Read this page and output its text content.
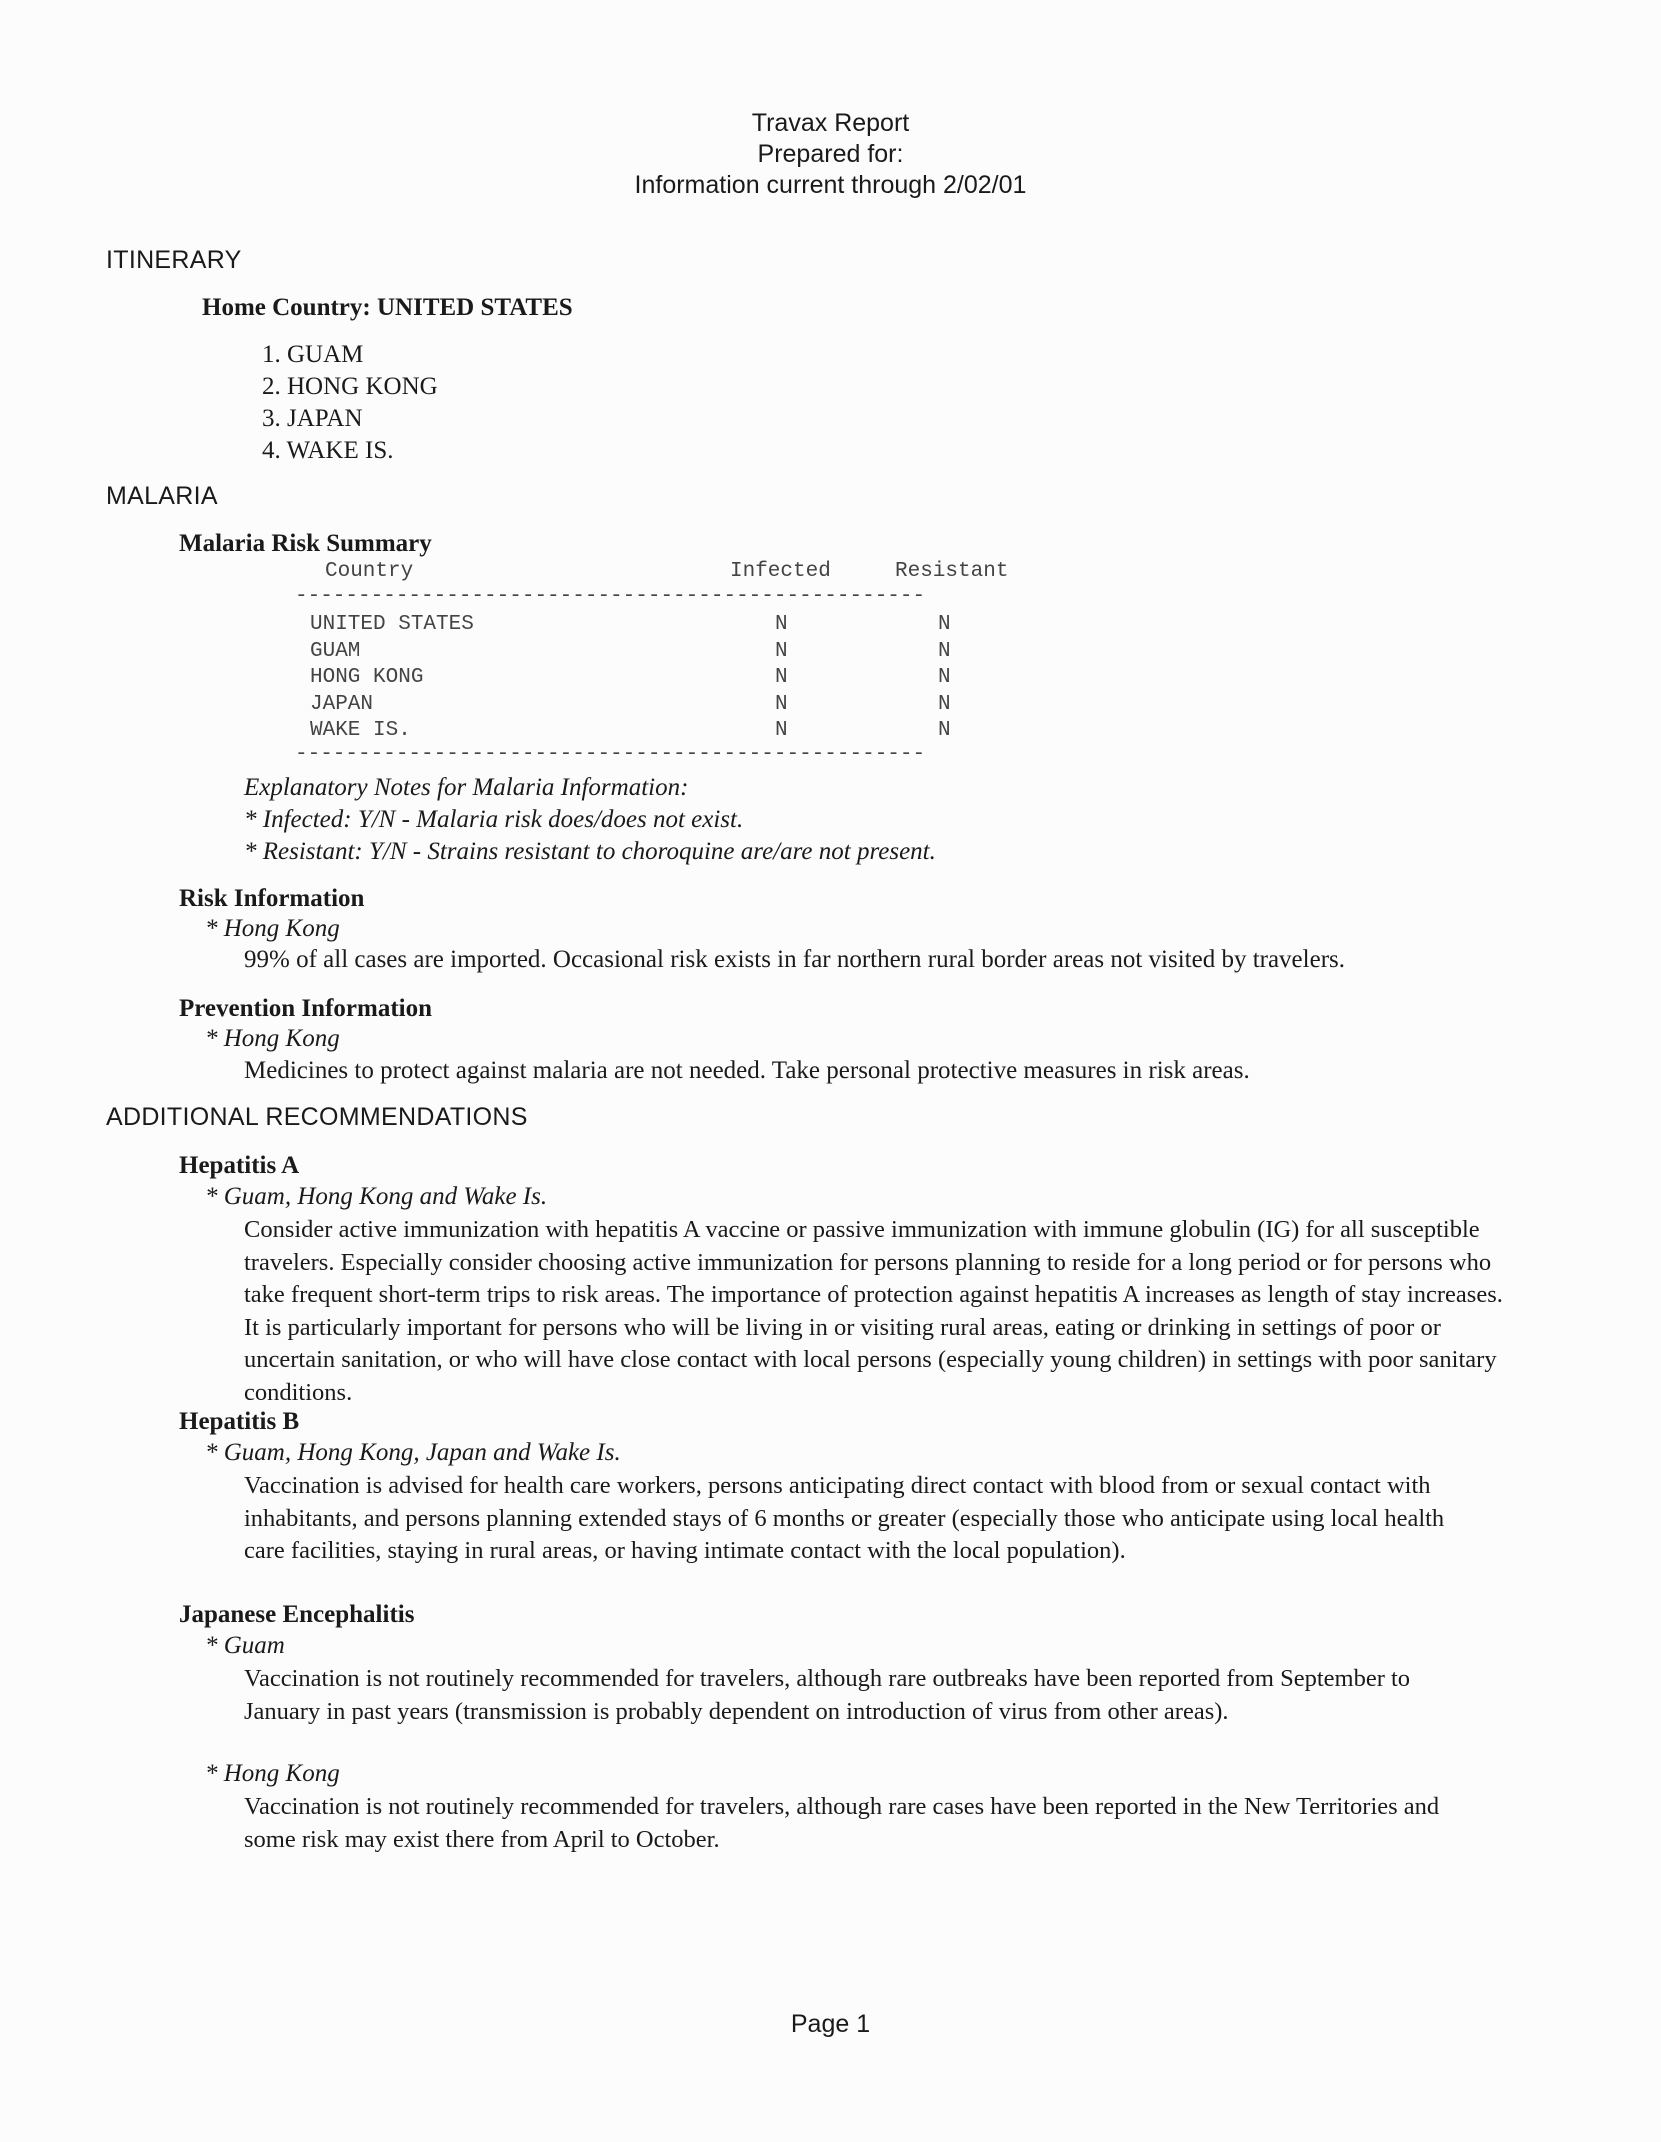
Travax Report
Prepared for:
Information current through 2/02/01
ITINERARY
Home Country: UNITED STATES
1. GUAM
2. HONG KONG
3. JAPAN
4. WAKE IS.
MALARIA
Malaria Risk Summary
Country	Infected	Resistant
--------------------------------------------------
UNITED STATES	N	N
GUAM	N	N
HONG KONG	N	N
JAPAN	N	N
WAKE IS.	N	N
--------------------------------------------------
Explanatory Notes for Malaria Information:
* Infected: Y/N - Malaria risk does/does not exist.
* Resistant: Y/N - Strains resistant to choroquine are/are not present.
Risk Information
* Hong Kong
99% of all cases are imported. Occasional risk exists in far northern rural border areas not visited by travelers.
Prevention Information
* Hong Kong
Medicines to protect against malaria are not needed. Take personal protective measures in risk areas.
ADDITIONAL RECOMMENDATIONS
Hepatitis A
* Guam, Hong Kong and Wake Is.
Consider active immunization with hepatitis A vaccine or passive immunization with immune globulin (IG) for all susceptible travelers. Especially consider choosing active immunization for persons planning to reside for a long period or for persons who take frequent short-term trips to risk areas. The importance of protection against hepatitis A increases as length of stay increases. It is particularly important for persons who will be living in or visiting rural areas, eating or drinking in settings of poor or uncertain sanitation, or who will have close contact with local persons (especially young children) in settings with poor sanitary conditions.
Hepatitis B
* Guam, Hong Kong, Japan and Wake Is.
Vaccination is advised for health care workers, persons anticipating direct contact with blood from or sexual contact with inhabitants, and persons planning extended stays of 6 months or greater (especially those who anticipate using local health care facilities, staying in rural areas, or having intimate contact with the local population).
Japanese Encephalitis
* Guam
Vaccination is not routinely recommended for travelers, although rare outbreaks have been reported from September to January in past years (transmission is probably dependent on introduction of virus from other areas).
* Hong Kong
Vaccination is not routinely recommended for travelers, although rare cases have been reported in the New Territories and some risk may exist there from April to October.
Page 1
